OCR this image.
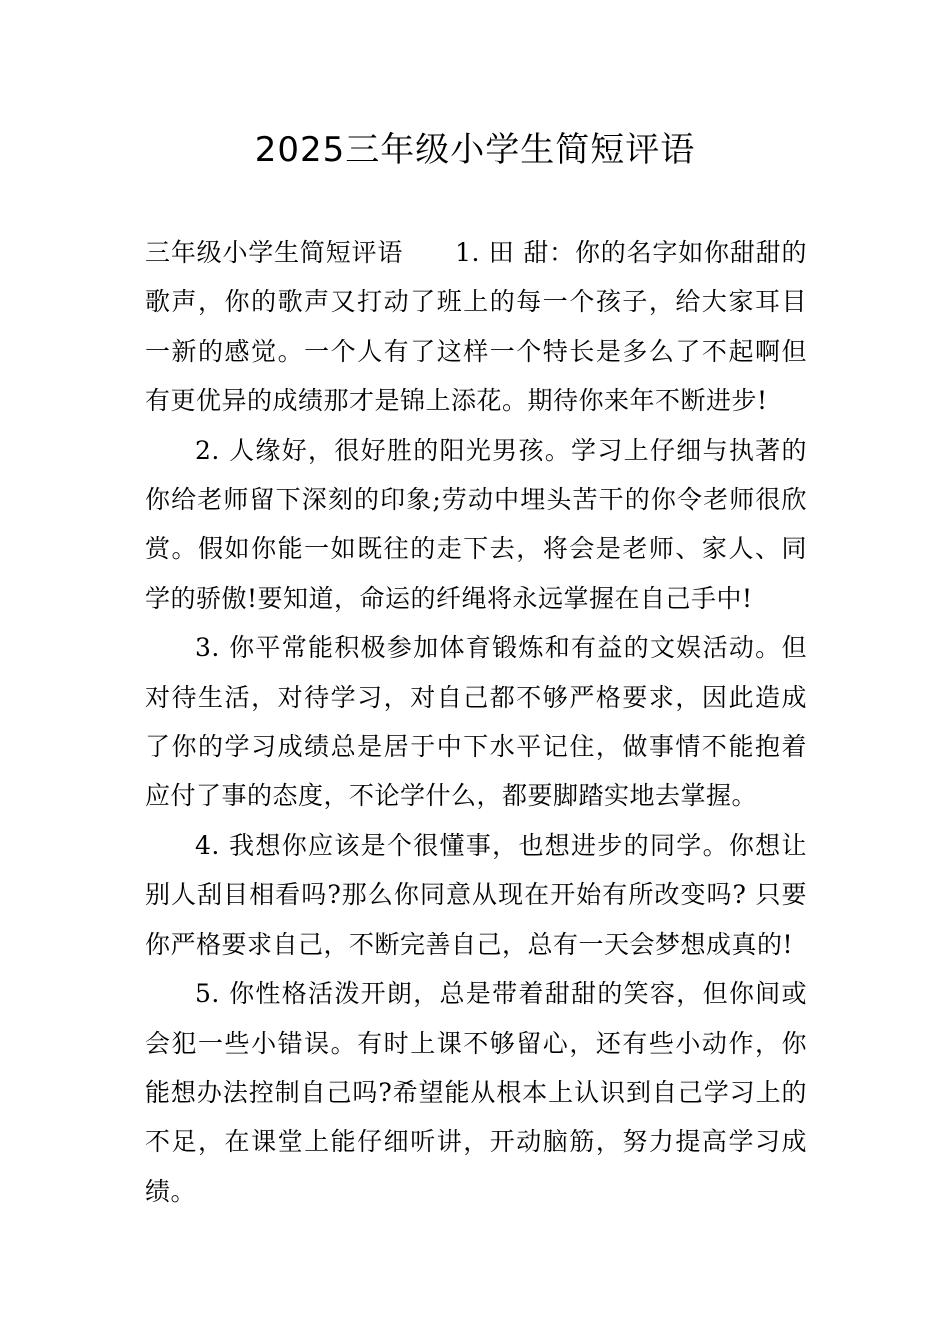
2025三年级小学生简短评语

三年级小学生简短评语 1. 田 甜：你的名字如你甜甜的歌声，你的歌声又打动了班上的每一个孩子，给大家耳目一新的感觉。一个人有了这样一个特长是多么了不起啊但有更优异的成绩那才是锦上添花。期待你来年不断进步!

2. 人缘好，很好胜的阳光男孩。学习上仔细与执著的你给老师留下深刻的印象;劳动中埋头苦干的你令老师很欣赏。假如你能一如既往的走下去，将会是老师、家人、同学的骄傲!要知道，命运的纤绳将永远掌握在自己手中!

3. 你平常能积极参加体育锻炼和有益的文娱活动。但对待生活，对待学习，对自己都不够严格要求，因此造成了你的学习成绩总是居于中下水平记住，做事情不能抱着应付了事的态度，不论学什么，都要脚踏实地去掌握。

4. 我想你应该是个很懂事，也想进步的同学。你想让别人刮目相看吗?那么你同意从现在开始有所改变吗? 只要你严格要求自己，不断完善自己，总有一天会梦想成真的!

5. 你性格活泼开朗，总是带着甜甜的笑容，但你间或会犯一些小错误。有时上课不够留心，还有些小动作，你能想办法控制自己吗?希望能从根本上认识到自己学习上的不足，在课堂上能仔细听讲，开动脑筋，努力提高学习成绩。
